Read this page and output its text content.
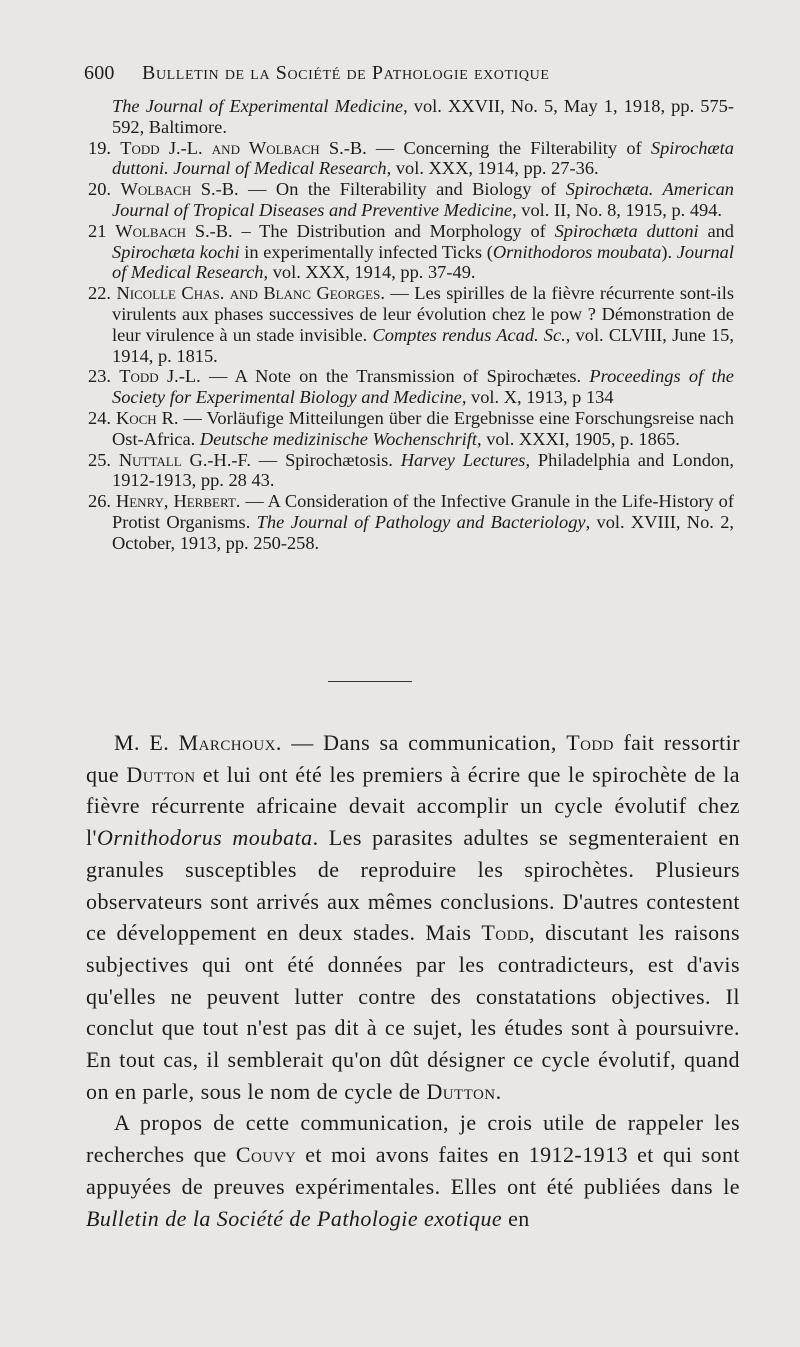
600 Bulletin de la Société de Pathologie exotique

The Journal of Experimental Medicine, vol. XXVII, No. 5, May 1, 1918, pp. 575-592, Baltimore.

19. Todd J.-L. and Wolbach S.-B. — Concerning the Filterability of Spirochæta duttoni. Journal of Medical Research, vol. XXX, 1914, pp. 27-36.

20. Wolbach S.-B. — On the Filterability and Biology of Spirochæta. American Journal of Tropical Diseases and Preventive Medicine, vol. II, No. 8, 1915, p. 494.

21 Wolbach S.-B. – The Distribution and Morphology of Spirochæta duttoni and Spirochæta kochi in experimentally infected Ticks (Ornithodoros moubata). Journal of Medical Research, vol. XXX, 1914, pp. 37-49.

22. Nicolle Chas. and Blanc Georges. — Les spirilles de la fièvre récurrente sont-ils virulents aux phases successives de leur évolution chez le pow ? Démonstration de leur virulence à un stade invisible. Comptes rendus Acad. Sc., vol. CLVIII, June 15, 1914, p. 1815.

23. Todd J.-L. — A Note on the Transmission of Spirochætes. Proceedings of the Society for Experimental Biology and Medicine, vol. X, 1913, p 134

24. Koch R. — Vorläufige Mitteilungen über die Ergebnisse eine Forschungsreise nach Ost-Africa. Deutsche medizinische Wochenschrift, vol. XXXI, 1905, p. 1865.

25. Nuttall G.-H.-F. — Spirochætosis. Harvey Lectures, Philadelphia and London, 1912-1913, pp. 28 43.

26. Henry, Herbert. — A Consideration of the Infective Granule in the Life-History of Protist Organisms. The Journal of Pathology and Bacteriology, vol. XVIII, No. 2, October, 1913, pp. 250-258.

M. E. Marchoux. — Dans sa communication, Todd fait ressortir que Dutton et lui ont été les premiers à écrire que le spirochète de la fièvre récurrente africaine devait accomplir un cycle évolutif chez l'Ornithodorus moubata. Les parasites adultes se segmenteraient en granules susceptibles de reproduire les spirochètes. Plusieurs observateurs sont arrivés aux mêmes conclusions. D'autres contestent ce développement en deux stades. Mais Todd, discutant les raisons subjectives qui ont été données par les contradicteurs, est d'avis qu'elles ne peuvent lutter contre des constatations objectives. Il conclut que tout n'est pas dit à ce sujet, les études sont à poursuivre. En tout cas, il semblerait qu'on dût désigner ce cycle évolutif, quand on en parle, sous le nom de cycle de Dutton.

A propos de cette communication, je crois utile de rappeler les recherches que Couvy et moi avons faites en 1912-1913 et qui sont appuyées de preuves expérimentales. Elles ont été publiées dans le Bulletin de la Société de Pathologie exotique en
